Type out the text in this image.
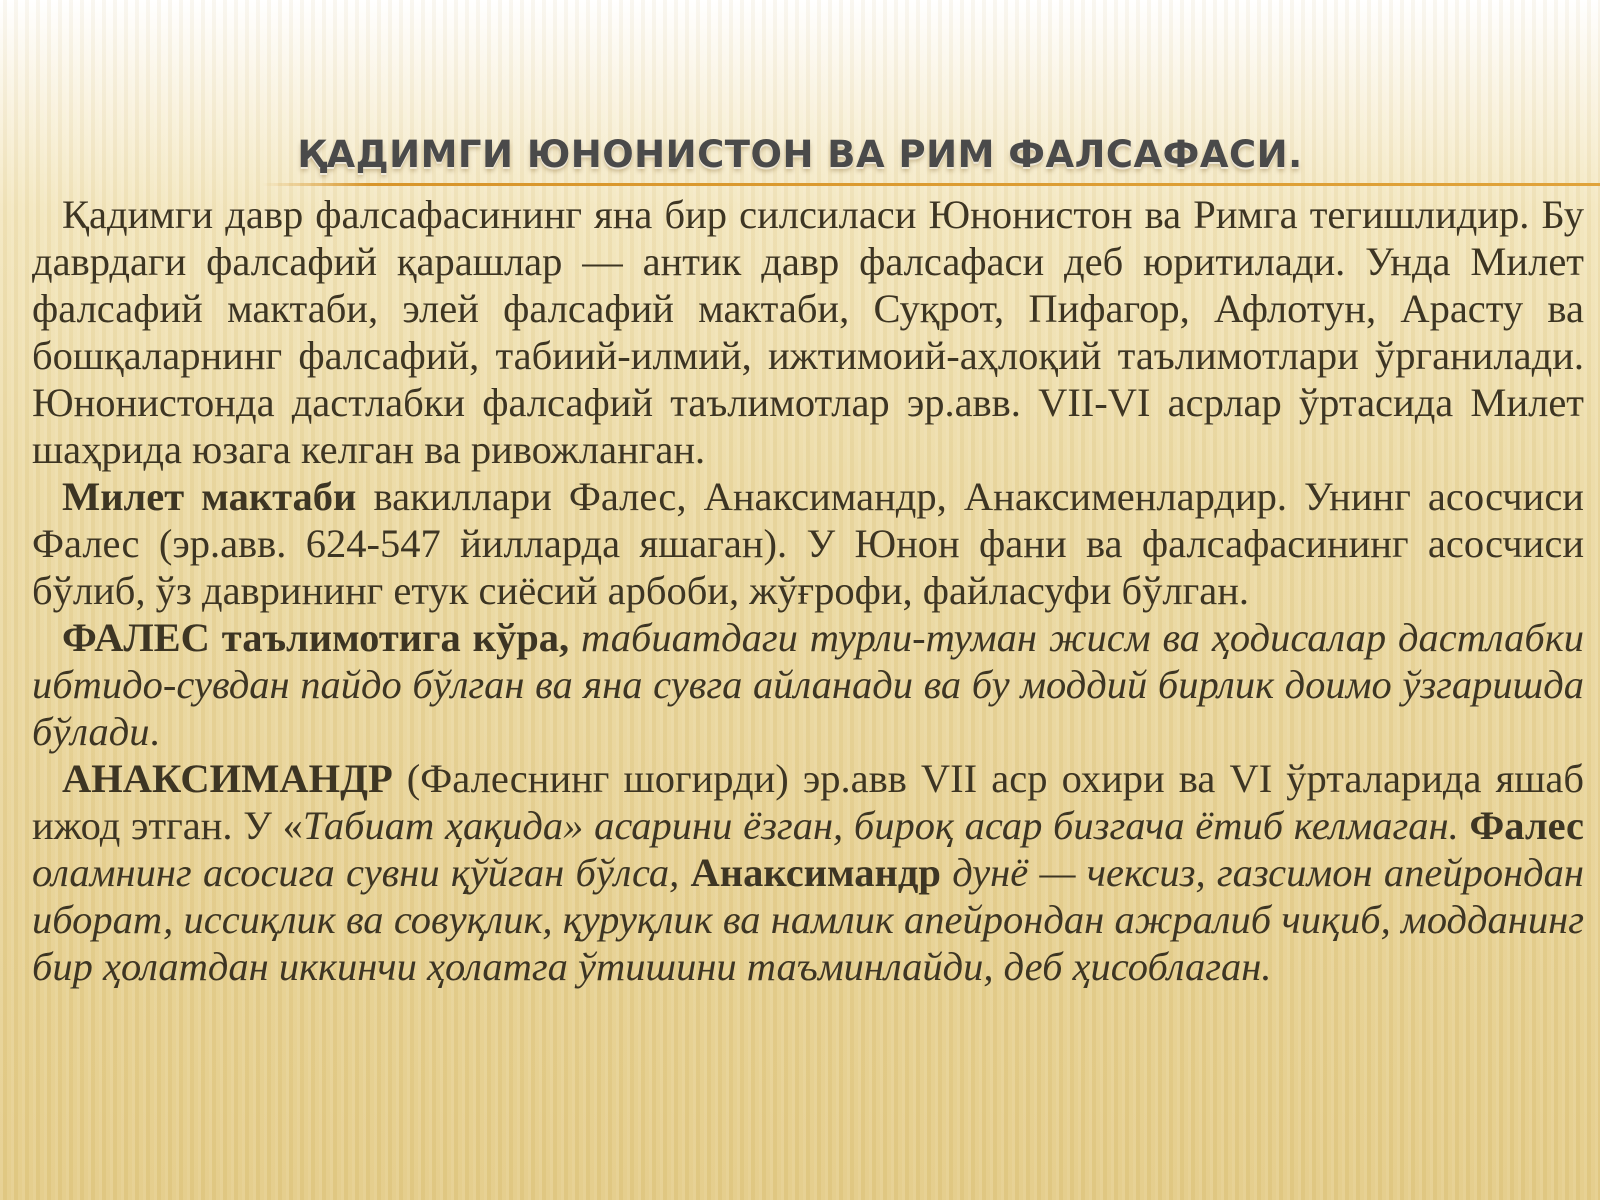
ҚАДИМГИ ЮНОНИСТОН ВА РИМ ФАЛСАФАСИ.

Қадимги давр фалсафасининг яна бир силсиласи Юнонистон ва Римга тегишлидир. Бу даврдаги фалсафий қарашлар — антик давр фалсафаси деб юритилади. Унда Милет фалсафий мактаби, элей фалсафий мактаби, Суқрот, Пифагор, Афлотун, Арасту ва бошқаларнинг фалсафий, табиий-илмий, ижтимоий-аҳлоқий таълимотлари ўрганилади. Юнонистонда дастлабки фалсафий таълимотлар эр.авв. VII-VI асрлар ўртасида Милет шаҳрида юзага келган ва ривожланган.

Милет мактаби вакиллари Фалес, Анаксимандр, Анаксименлардир. Унинг асосчиси Фалес (эр.авв. 624-547 йилларда яшаган). У Юнон фани ва фалсафасининг асосчиси бўлиб, ўз даврининг етук сиёсий арбоби, жўғрофи, файласуфи бўлган.

ФАЛЕС таълимотига кўра, табиатдаги турли-туман жисм ва ҳодисалар дастлабки ибтидо-сувдан пайдо бўлган ва яна сувга айланади ва бу моддий бирлик доимо ўзгаришда бўлади.

АНАКСИМАНДР (Фалеснинг шогирди) эр.авв VII аср охири ва VI ўрталарида яшаб ижод этган. У «Табиат ҳақида» асарини ёзган, бироқ асар бизгача ётиб келмаган. Фалес оламнинг асосига сувни қўйган бўлса, Анаксимандр дунё — чексиз, газсимон апейрондан иборат, иссиқлик ва совуқлик, қуруқлик ва намлик апейрондан ажралиб чиқиб, модданинг бир ҳолатдан иккинчи ҳолатга ўтишини таъминлайди, деб ҳисоблаган.
